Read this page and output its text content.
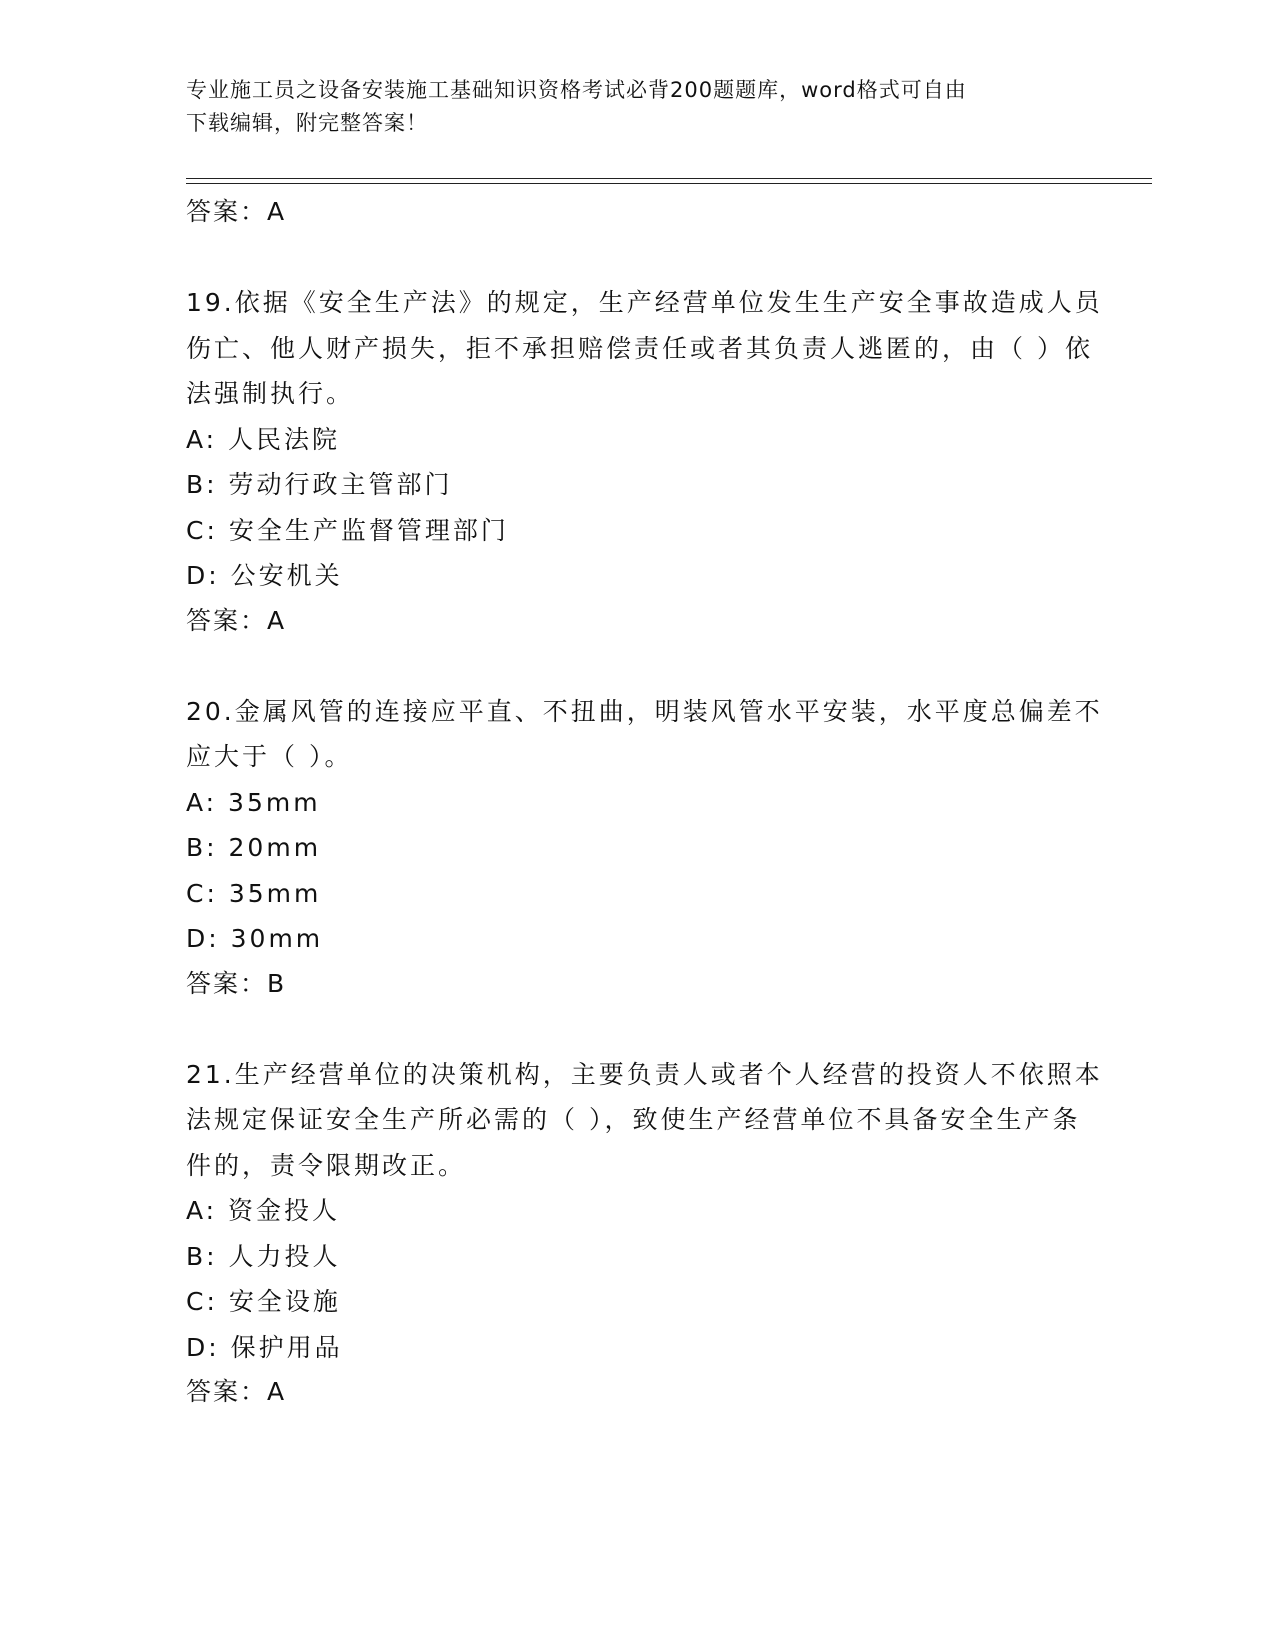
专业施工员之设备安装施工基础知识资格考试必背200题题库，word格式可自由
下载编辑，附完整答案！
答案：A
19.依据《安全生产法》的规定，生产经营单位发生生产安全事故造成人员伤亡、他人财产损失，拒不承担赔偿责任或者其负责人逃匿的，由（ ）依法强制执行。
A: 人民法院
B: 劳动行政主管部门
C: 安全生产监督管理部门
D: 公安机关
答案：A
20.金属风管的连接应平直、不扭曲，明装风管水平安装，水平度总偏差不应大于（ ）。
A: 35mm
B: 20mm
C: 35mm
D: 30mm
答案：B
21.生产经营单位的决策机构，主要负责人或者个人经营的投资人不依照本法规定保证安全生产所必需的（ ），致使生产经营单位不具备安全生产条件的，责令限期改正。
A: 资金投人
B: 人力投人
C: 安全设施
D: 保护用品
答案：A
